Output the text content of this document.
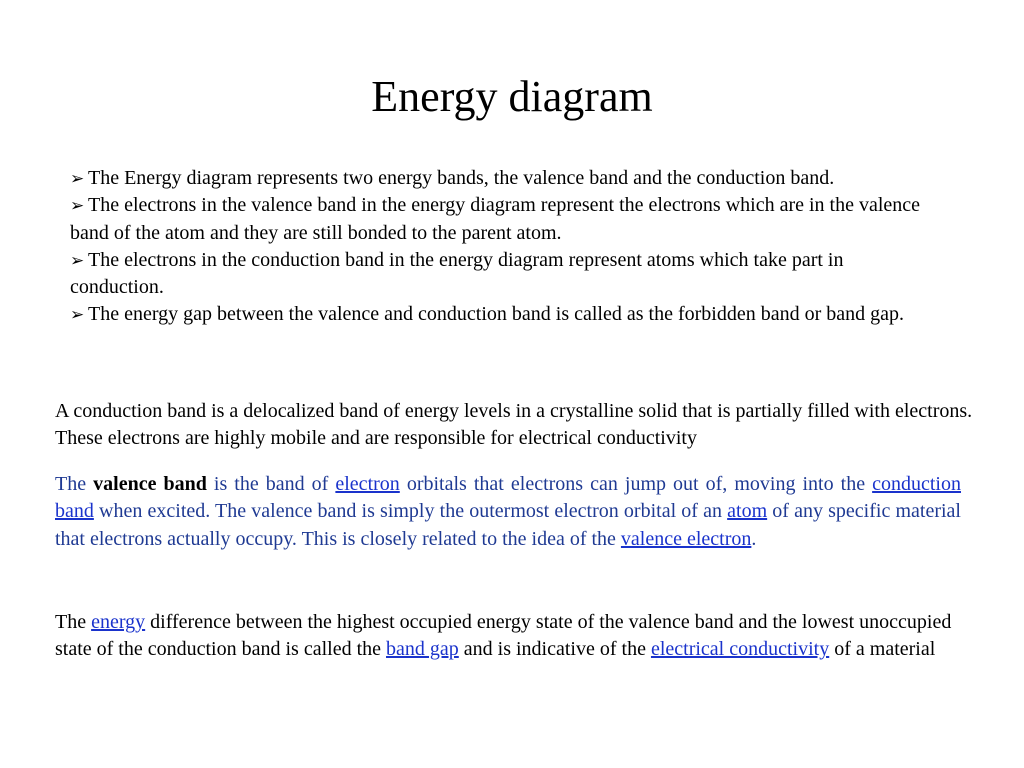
Energy diagram

➢ The Energy diagram represents two energy bands, the valence band and the conduction band.

➢ The electrons in the valence band in the energy diagram represent the electrons which are in the valence band of the atom and they are still bonded to the parent atom.

➢ The electrons in the conduction band in the energy diagram represent atoms which take part in conduction.

➢ The energy gap between the valence and conduction band is called as the forbidden band or band gap.

A conduction band is a delocalized band of energy levels in a crystalline solid that is partially filled with electrons. These electrons are highly mobile and are responsible for electrical conductivity

The valence band is the band of electron orbitals that electrons can jump out of, moving into the conduction band when excited. The valence band is simply the outermost electron orbital of an atom of any specific material that electrons actually occupy. This is closely related to the idea of the valence electron.

The energy difference between the highest occupied energy state of the valence band and the lowest unoccupied state of the conduction band is called the band gap and is indicative of the electrical conductivity of a material
